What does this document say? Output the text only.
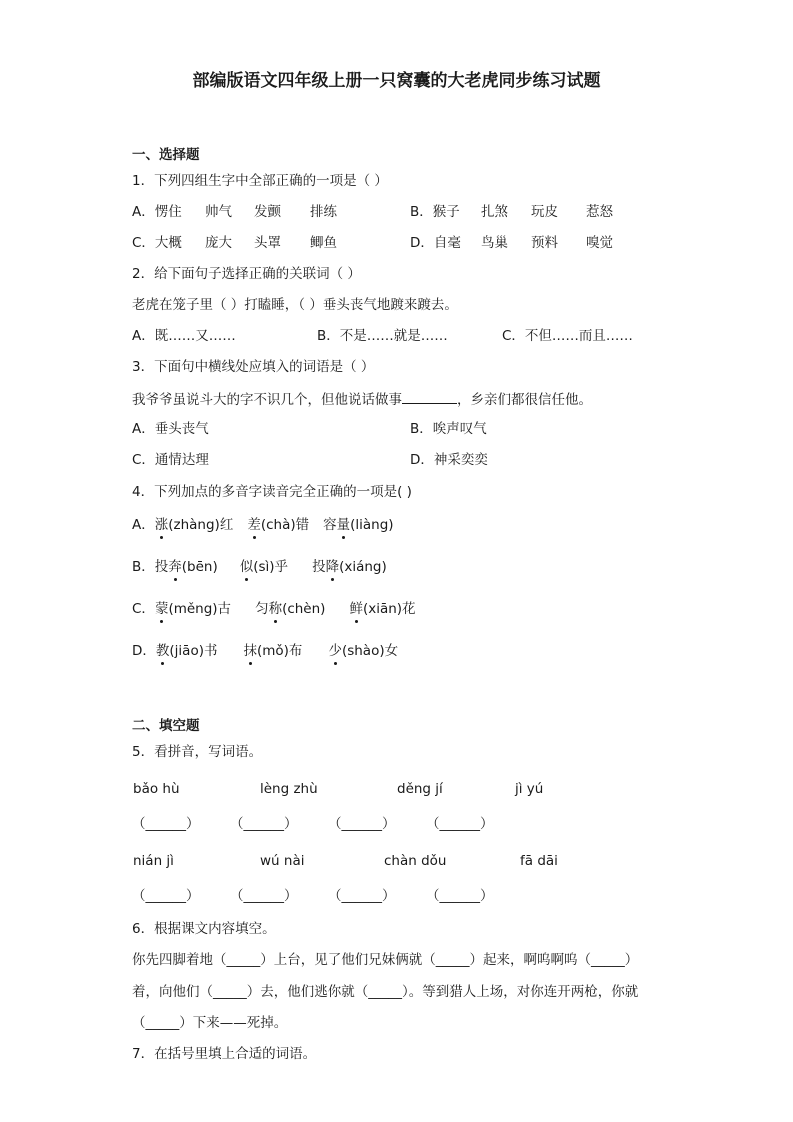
部编版语文四年级上册一只窝囊的大老虎同步练习试题
一、选择题
1．下列四组生字中全部正确的一项是（ ）
A．愣住 帅气 发颤 排练	B．猴子 扎煞 玩皮 惹怒
C．大概 庞大 头罩 鲫鱼	D．自毫 鸟巢 预料 嗅觉
2．给下面句子选择正确的关联词（ ）
老虎在笼子里（ ）打瞌睡，（ ）垂头丧气地踱来踱去。
A．既……又……	B．不是……就是……	C．不但……而且……
3．下面句中横线处应填入的词语是（ ）
我爷爷虽说斗大的字不识几个，但他说话做事	，乡亲们都很信任他。
A．垂头丧气	B．唉声叹气
C．通情达理	D．神采奕奕
4．下列加点的多音字读音完全正确的一项是( )
A．涨(zhàng)红 差(chà)错 容量(liàng)
B．投奔(bēn) 似(sì)乎 投降(xiáng)
C．蒙(měng)古 匀称(chèn) 鲜(xiān)花
D．教(jiāo)书 抹(mǒ)布 少(shào)女
二、填空题
5．看拼音，写词语。
bǎo hù	lèng zhù	děng jí	jì yú
（______） （______） （______） （______）
nián jì	wú nài	chàn dǒu	fā dāi
（______） （______） （______） （______）
6．根据课文内容填空。
你先四脚着地（_____）上台，见了他们兄妹俩就（_____）起来，啊呜啊呜（_____）
着，向他们（_____）去，他们逃你就（_____）。等到猎人上场，对你连开两枪，你就
（_____）下来——死掉。
7．在括号里填上合适的词语。
